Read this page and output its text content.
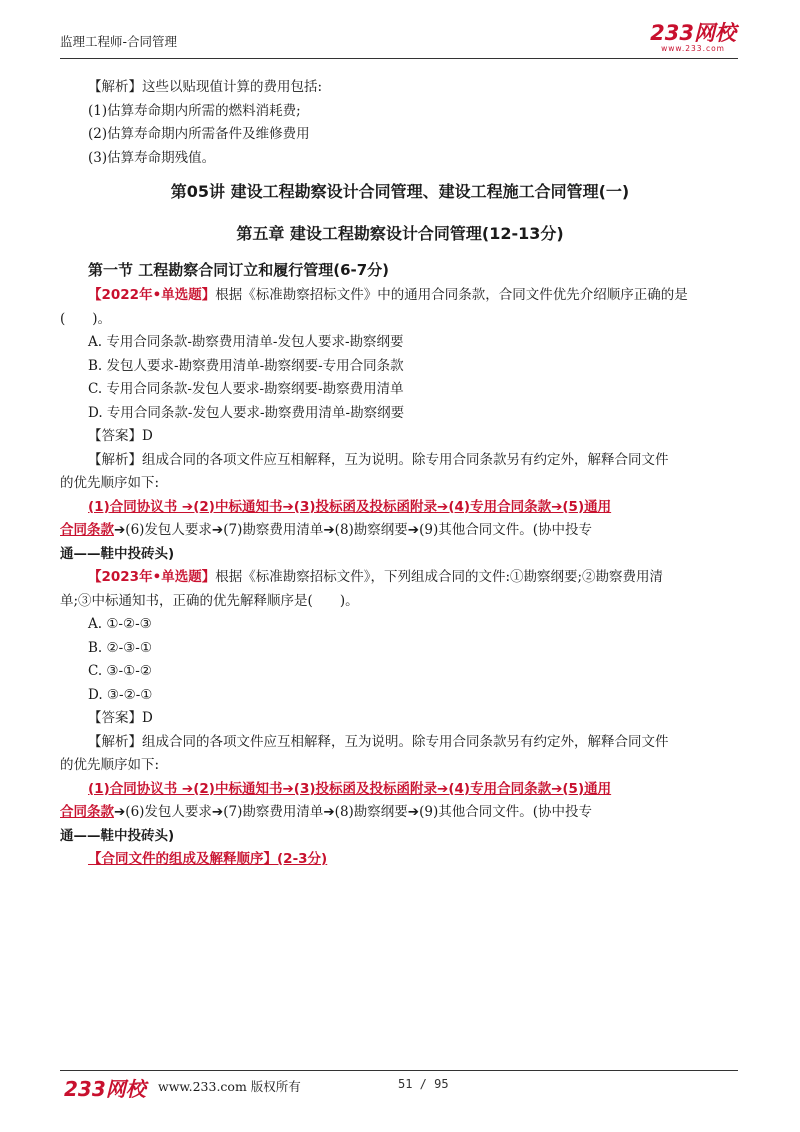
监理工程师-合同管理	233网校
www.233.com

【解析】这些以贴现值计算的费用包括:

(1)估算寿命期内所需的燃料消耗费;

(2)估算寿命期内所需备件及维修费用

(3)估算寿命期残值。

第05讲 建设工程勘察设计合同管理、建设工程施工合同管理(一)
第五章 建设工程勘察设计合同管理(12-13分)
第一节 工程勘察合同订立和履行管理(6-7分)

【2022年•单选题】根据《标准勘察招标文件》中的通用合同条款，合同文件优先介绍顺序正确的是

(　　)。

A. 专用合同条款-勘察费用清单-发包人要求-勘察纲要

B. 发包人要求-勘察费用清单-勘察纲要-专用合同条款

C. 专用合同条款-发包人要求-勘察纲要-勘察费用清单

D. 专用合同条款-发包人要求-勘察费用清单-勘察纲要

【答案】D

【解析】组成合同的各项文件应互相解释，互为说明。除专用合同条款另有约定外，解释合同文件

的优先顺序如下:

(1)合同协议书 ➔(2)中标通知书➔(3)投标函及投标函附录➔(4)专用合同条款➔(5)通用

合同条款➔(6)发包人要求➔(7)勘察费用清单➔(8)勘察纲要➔(9)其他合同文件。(协中投专

通——鞋中投砖头)

【2023年•单选题】根据《标准勘察招标文件》，下列组成合同的文件:①勘察纲要;②勘察费用清

单;③中标通知书，正确的优先解释顺序是(　　)。

A. ①-②-③

B. ②-③-①

C. ③-①-②

D. ③-②-①

【答案】D

【解析】组成合同的各项文件应互相解释，互为说明。除专用合同条款另有约定外，解释合同文件

的优先顺序如下:

(1)合同协议书 ➔(2)中标通知书➔(3)投标函及投标函附录➔(4)专用合同条款➔(5)通用

合同条款➔(6)发包人要求➔(7)勘察费用清单➔(8)勘察纲要➔(9)其他合同文件。(协中投专

通——鞋中投砖头)

【合同文件的组成及解释顺序】(2-3分)

233网校 www.233.com 版权所有	51 / 95
